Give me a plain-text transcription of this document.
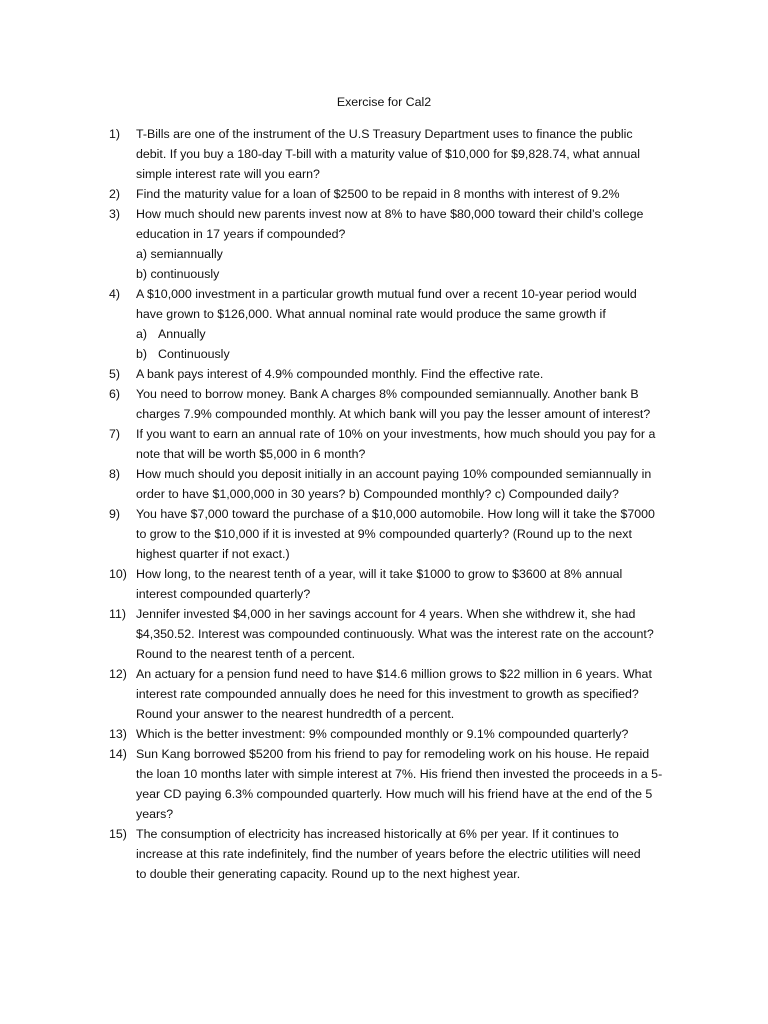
Exercise for Cal2
1)	T-Bills are one of the instrument of the U.S Treasury Department uses to finance the public
debit. If you buy a 180-day T-bill with a maturity value of $10,000 for $9,828.74, what annual
simple interest rate will you earn?
2)	Find the maturity value for a loan of $2500 to be repaid in 8 months with interest of 9.2%
3)	How much should new parents invest now at 8% to have $80,000 toward their child’s college
education in 17 years if compounded?
a) semiannually
b) continuously
4)	A $10,000 investment in a particular growth mutual fund over a recent 10-year period would
have grown to $126,000. What annual nominal rate would produce the same growth if
a) Annually
b) Continuously
5)	A bank pays interest of 4.9% compounded monthly. Find the effective rate.
6)	You need to borrow money. Bank A charges 8% compounded semiannually. Another bank B
charges 7.9% compounded monthly. At which bank will you pay the lesser amount of interest?
7)	If you want to earn an annual rate of 10% on your investments, how much should you pay for a
note that will be worth $5,000 in 6 month?
8)	How much should you deposit initially in an account paying 10% compounded semiannually in
order to have $1,000,000 in 30 years? b) Compounded monthly? c) Compounded daily?
9)	You have $7,000 toward the purchase of a $10,000 automobile. How long will it take the $7000
to grow to the $10,000 if it is invested at 9% compounded quarterly? (Round up to the next
highest quarter if not exact.)
10) How long, to the nearest tenth of a year, will it take $1000 to grow to $3600 at 8% annual
interest compounded quarterly?
11) Jennifer invested $4,000 in her savings account for 4 years. When she withdrew it, she had
$4,350.52. Interest was compounded continuously. What was the interest rate on the account?
Round to the nearest tenth of a percent.
12) An actuary for a pension fund need to have $14.6 million grows to $22 million in 6 years. What
interest rate compounded annually does he need for this investment to growth as specified?
Round your answer to the nearest hundredth of a percent.
13) Which is the better investment: 9% compounded monthly or 9.1% compounded quarterly?
14) Sun Kang borrowed $5200 from his friend to pay for remodeling work on his house. He repaid
the loan 10 months later with simple interest at 7%. His friend then invested the proceeds in a 5-
year CD paying 6.3% compounded quarterly. How much will his friend have at the end of the 5
years?
15) The consumption of electricity has increased historically at 6% per year. If it continues to
increase at this rate indefinitely, find the number of years before the electric utilities will need
to double their generating capacity. Round up to the next highest year.
